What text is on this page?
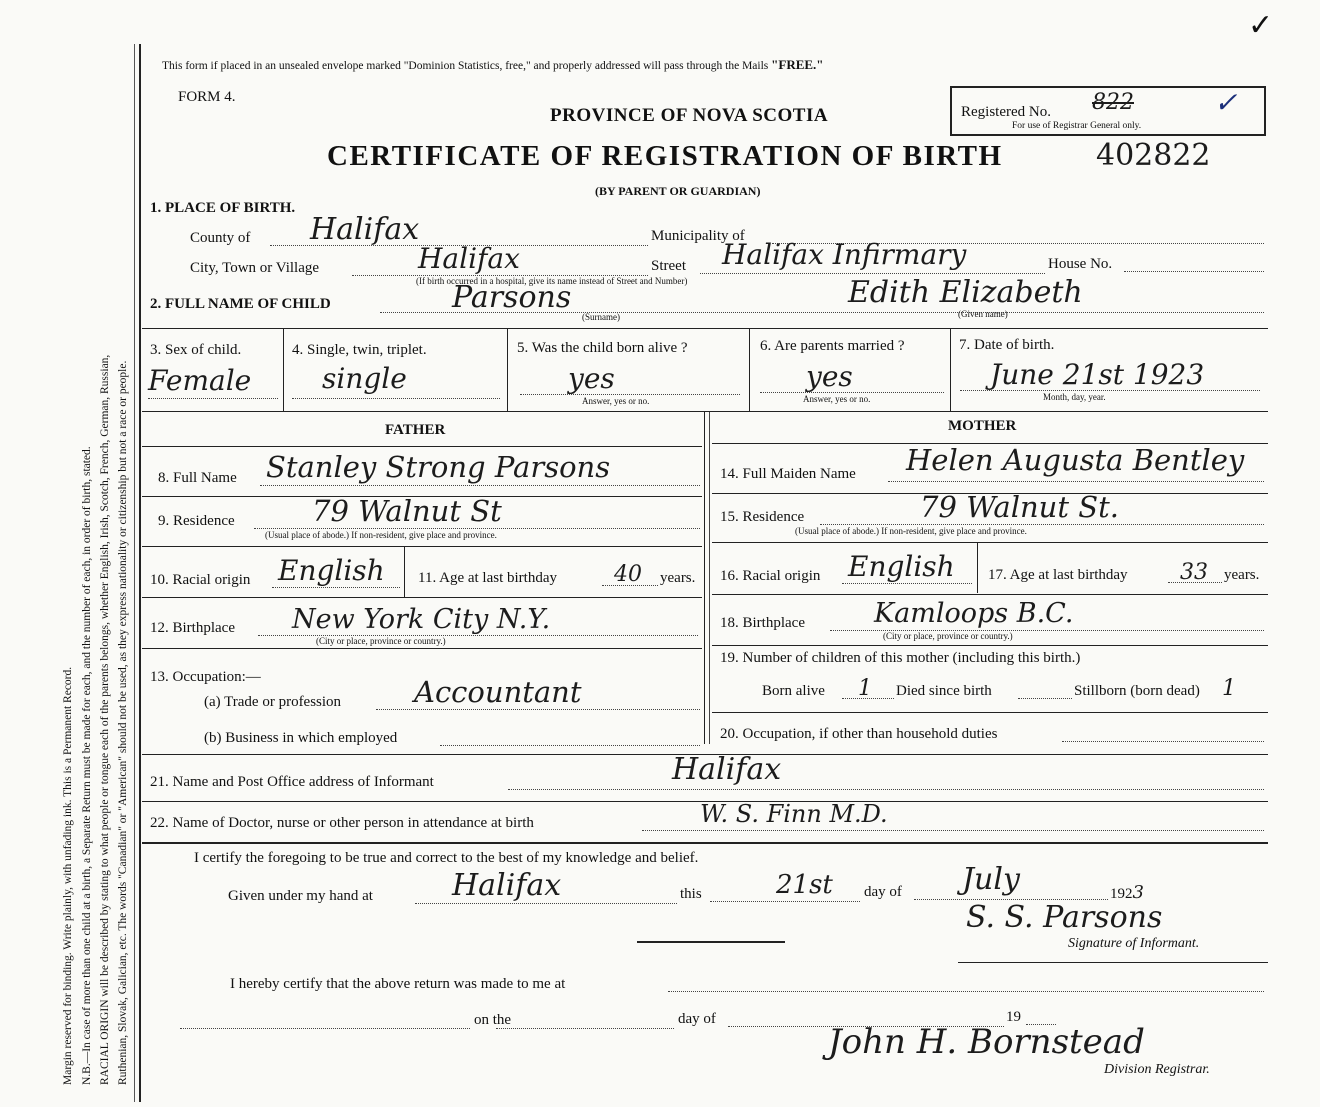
Margin reserved for binding. Write plainly, with unfading ink. This is a Permanent Record. N.B.—In case of more than one child at a birth, a Separate Return must be made for each, and the number of each, in order of birth, stated. RACIAL ORIGIN will be described by stating to what people or tongue each of the parents belongs, whether English, Irish, Scotch, French, German, Russian, Ruthenian, Slovak, Galician, etc. The words "Canadian" or "American" should not be used, as they express nationality or citizenship but not a race or people.
This form if placed in an unsealed envelope marked "Dominion Statistics, free," and properly addressed will pass through the Mails "FREE."
✓
FORM 4.
PROVINCE OF NOVA SCOTIA	Registered No. 822
For use of Registrar General only.
✓
CERTIFICATE OF REGISTRATION OF BIRTH	402822
(BY PARENT OR GUARDIAN)
1. PLACE OF BIRTH.
County of Halifax	Municipality of
City, Town or Village	Halifax	Street Halifax Infirmary	House No.
(If birth occurred in a hospital, give its name instead of Street and Number)
2. FULL NAME OF CHILD	Parsons
(Surname)
Edith Elizabeth
(Given name)
3. Sex of child.
Female
4. Single, twin, triplet.
single
5. Was the child born alive ?
yes
Answer, yes or no.
6. Are parents married ?
yes
Answer, yes or no.
7. Date of birth.
June 21st 1923
Month, day, year.
FATHER	MOTHER
8. Full Name Stanley Strong Parsons
9. Residence	79 Walnut St
(Usual place of abode.) If non-resident, give place and province.
10. Racial origin English 11. Age at last birthday	40 years.
12. Birthplace New York City N.Y.
(City or place, province or country.)
13. Occupation:—
(a) Trade or profession	Accountant
(b) Business in which employed
14. Full Maiden Name Helen Augusta Bentley
15. Residence	79 Walnut St.
(Usual place of abode.) If non-resident, give place and province.
16. Racial origin English 17. Age at last birthday 33 years.
18. Birthplace	Kamloops B.C.
(City or place, province or country.)
19. Number of children of this mother (including this birth.)
Born alive 1 Died since birth	Stillborn (born dead) 1
20. Occupation, if other than household duties
21. Name and Post Office address of Informant	Halifax
22. Name of Doctor, nurse or other person in attendance at birth	W. S. Finn M.D.
I certify the foregoing to be true and correct to the best of my knowledge and belief.
Given under my hand at	Halifax	this	21st day of July	1923
S. S. Parsons
Signature of Informant.
I hereby certify that the above return was made to me at
on the	day of	19
John H. Bornstead
Division Registrar.
